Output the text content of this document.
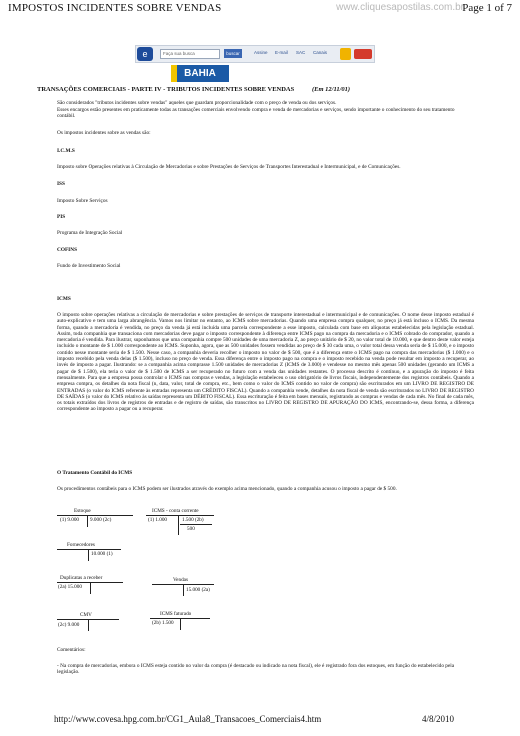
IMPOSTOS INCIDENTES SOBRE VENDAS	www.cliquesapostilas.com.br
Page 1 of 7
e	Faça sua busca	buscar	Assine E-mail SAC Canais
BAHIA
TRANSAÇÕES COMERCIAIS - PARTE IV - TRIBUTOS INCIDENTES SOBRE VENDAS	(Em 12/11/01)

São considerados "tributos incidentes sobre vendas" aqueles que guardam proporcionalidade com o preço de venda ou dos serviços.

Esses encargos estão presentes em praticamente todas as transações comerciais envolvendo compra e venda de mercadorias e serviços, sendo importante o conhecimento do seu tratamento contábil.

Os impostos incidentes sobre as vendas são:

I.C.M.S

Imposto sobre Operações relativas à Circulação de Mercadorias e sobre Prestações de Serviços de Transportes Interestadual e Intermunicipal, e de Comunicações.

ISS

Imposto Sobre Serviços

PIS

Programa de Integração Social

COFINS

Fundo de Investimento Social

ICMS

O imposto sobre operações relativas a circulação de mercadorias e sobre prestações de serviços de transporte interestadual e intermunicipal e de comunicações. O nome desse imposto estadual é auto-explicativo e tem uma larga abrangência. Vamos nos limitar no entanto, ao ICMS sobre mercadorias. Quando uma empresa compra qualquer, no preço já está incluso o ICMS. Da mesma forma, quando a mercadoria é vendida, no preço da venda já está incluída uma parcela correspondente a esse imposto, calculada com base em alíquotas estabelecidas pela legislação estadual. Assim, toda companhia que transaciona com mercadorias deve pagar o imposto correspondente à diferença entre ICMS pago na compra da mercadoria e o ICMS cobrado do comprador, quando a mercadoria é vendida. Para ilustrar, suponhamos que uma companhia compre 500 unidades de uma mercadoria Z, ao preço unitário de $ 20, no valor total de 10.000, e que dentro deste valor esteja incluído o montante de $ 1.000 correspondente ao ICMS. Suponha, agora, que as 500 unidades fossem vendidas ao preço de $ 30 cada uma, o valor total dessa venda seria de $ 15.000, e o imposto contido nesse montante seria de $ 1.500. Nesse caso, a companhia deveria recolher o imposto no valor de $ 500, que é a diferença entre o ICMS pago na compra das mercadorias ($ 1.000) e o imposto recebido pela venda delas ($ 1.500), incluso no preço de venda. Essa diferença entre o imposto pago na compra e o imposto recebido na venda pode resultar em imposto a recuperar, ao invés de imposto a pagar. Ilustrando: se a companhia acima comprasse 1.500 unidades de mercadorias Z (ICMS de 3.000) e vendesse no mesmo mês apenas 500 unidades (gerando um ICMS a pagar de $ 1.500), ela teria o valor de $ 1.500 de ICMS a ser recuperado no futuro com a venda das unidades restantes. O processo descrito é contínuo, e a apuração do imposto é feita mensalmente. Para que a empresa possa controlar o ICMS nas compras e vendas, a legislação estabeleceu o uso obrigatório de livros fiscais, independentemente dos registros contábeis. Quando a empresa compra, os detalhes da nota fiscal (n, data, valor, total de compra, etc., bem como o valor do ICMS contido no valor de compra) são escriturados em um LIVRO DE REGISTRO DE ENTRADAS (o valor do ICMS referente às entradas representa um CRÉDITO FISCAL). Quando a companhia vende, detalhes da nota fiscal de venda são escriturados no LIVRO DE REGISTRO DE SAÍDAS (o valor do ICMS relativo às saídas representa um DÉBITO FISCAL). Essa escrituração é feita em bases mensais, registrando as compras e vendas de cada mês. No final de cada mês, os totais extraídos dos livros de registros de entradas e de registro de saídas, são transcritos no LIVRO DE REGISTRO DE APURAÇÃO DO ICMS, encontrando-se, dessa forma, a diferença correspondente ao imposto a pagar ou a recuperar.

O Tratamento Contábil do ICMS

Os procedimentos contábeis para o ICMS podem ser ilustrados através do exemplo acima mencionado, quando a companhia acusou o imposto a pagar de $ 500.

Estoque
(1) 9.000 9.000 (2c)
ICMS - conta corrente
(1) 1.000	1.500 (2b)
500
Fornecedores
10.000 (1)
Duplicatas a receber
(2a) 15.000
Vendas
15.000 (2a)
CMV
(2c) 9.000
ICMS faturado
(2b) 1.500

Comentários:

- Na compra de mercadorias, embora o ICMS esteja contido no valor da compra (é destacado ou indicado na nota fiscal), ele é registrado fora dos estoques, em função do estabelecido pela legislação.

http://www.covesa.hpg.com.br/CG1_Aula8_Transacoes_Comerciais4.htm	4/8/2010
